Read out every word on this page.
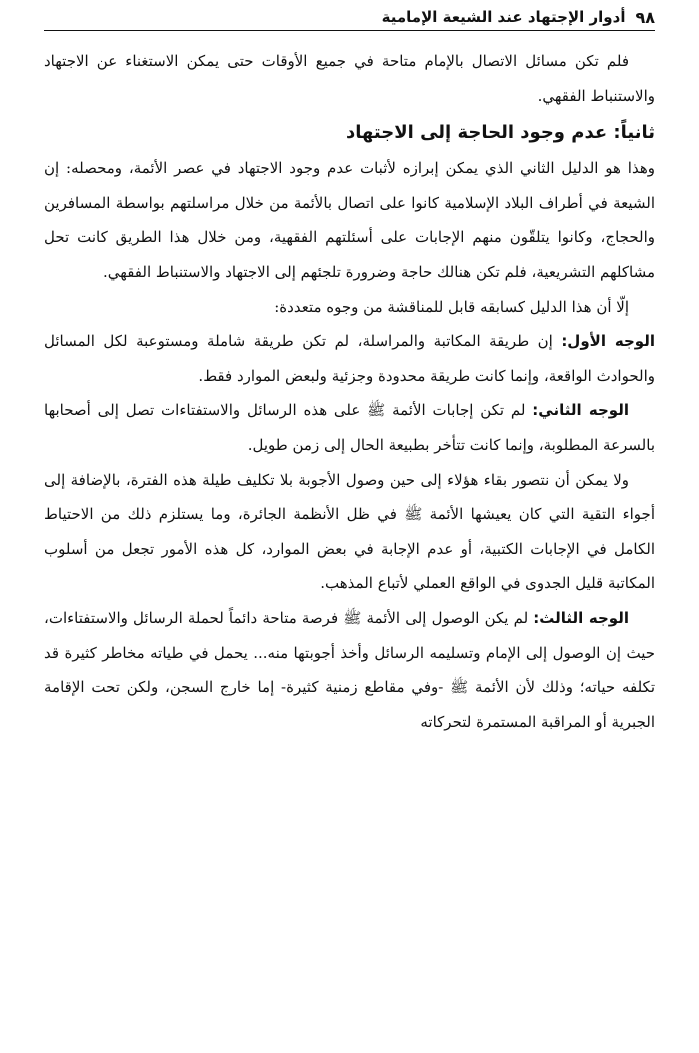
٩٨
أدوار الإجتهاد عند الشيعة الإمامية

فلم تكن مسائل الاتصال بالإمام متاحة في جميع الأوقات حتى يمكن الاستغناء عن الاجتهاد والاستنباط الفقهي.

ثانياً: عدم وجود الحاجة إلى الاجتهاد

وهذا هو الدليل الثاني الذي يمكن إبرازه لأثبات عدم وجود الاجتهاد في عصر الأئمة، ومحصله: إن الشيعة في أطراف البلاد الإسلامية كانوا على اتصال بالأئمة من خلال مراسلتهم بواسطة المسافرين والحجاج، وكانوا يتلقّون منهم الإجابات على أسئلتهم الفقهية، ومن خلال هذا الطريق كانت تحل مشاكلهم التشريعية، فلم تكن هنالك حاجة وضرورة تلجئهم إلى الاجتهاد والاستنباط الفقهي.

إلّا أن هذا الدليل كسابقه قابل للمناقشة من وجوه متعددة:

الوجه الأول: إن طريقة المكاتبة والمراسلة، لم تكن طريقة شاملة ومستوعبة لكل المسائل والحوادث الواقعة، وإنما كانت طريقة محدودة وجزئية ولبعض الموارد فقط.

الوجه الثاني: لم تكن إجابات الأئمة ﷺ على هذه الرسائل والاستفتاءات تصل إلى أصحابها بالسرعة المطلوبة، وإنما كانت تتأخر بطبيعة الحال إلى زمن طويل.

ولا يمكن أن نتصور بقاء هؤلاء إلى حين وصول الأجوبة بلا تكليف طيلة هذه الفترة، بالإضافة إلى أجواء التقية التي كان يعيشها الأئمة ﷺ في ظل الأنظمة الجائرة، وما يستلزم ذلك من الاحتياط الكامل في الإجابات الكتبية، أو عدم الإجابة في بعض الموارد، كل هذه الأمور تجعل من أسلوب المكاتبة قليل الجدوى في الواقع العملي لأتباع المذهب.

الوجه الثالث: لم يكن الوصول إلى الأئمة ﷺ فرصة متاحة دائماً لحملة الرسائل والاستفتاءات، حيث إن الوصول إلى الإمام وتسليمه الرسائل وأخذ أجوبتها منه... يحمل في طياته مخاطر كثيرة قد تكلفه حياته؛ وذلك لأن الأئمة ﷺ -وفي مقاطع زمنية كثيرة- إما خارج السجن، ولكن تحت الإقامة الجبرية أو المراقبة المستمرة لتحركاته
